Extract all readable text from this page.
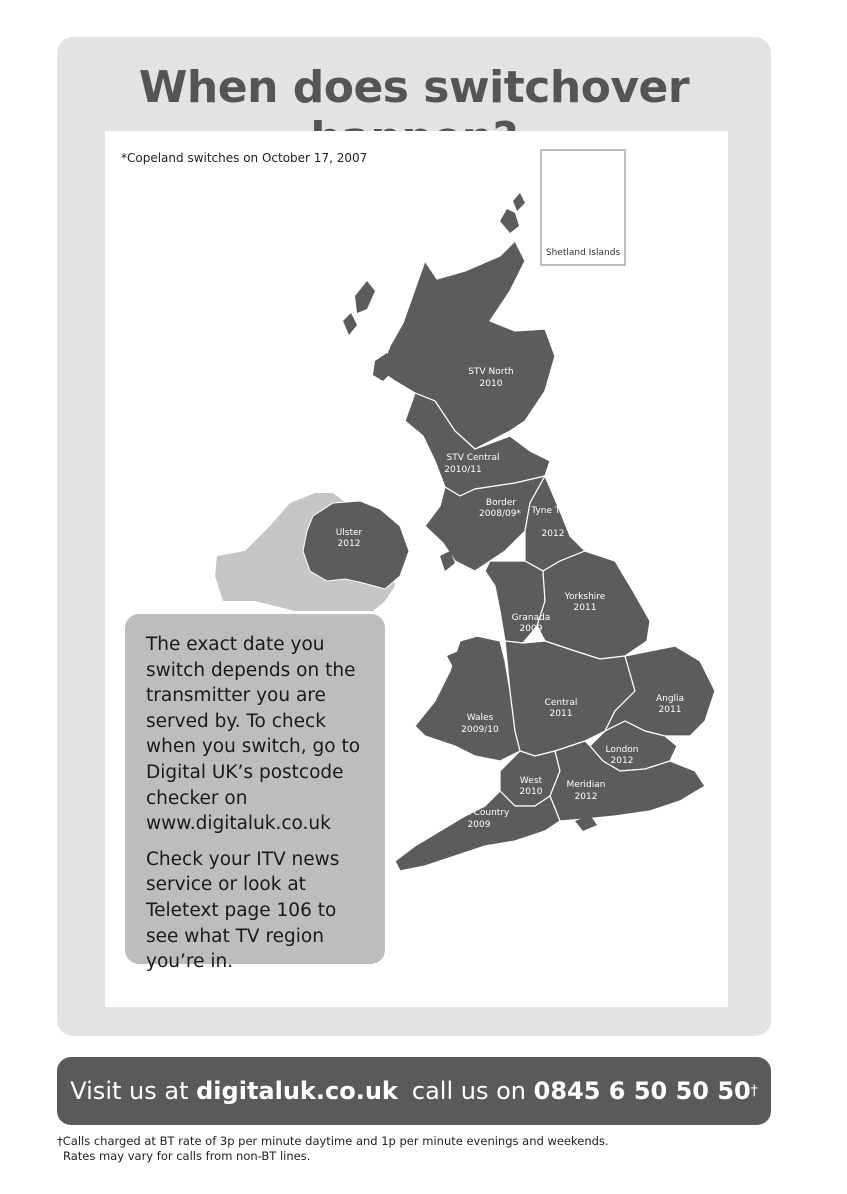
When does switchover
*Copeland switches on October 17, 2007
STV North
2010
STV Central
2010/11
Border
2008/09* Tyne Tees
2012
Ulster
2012
Yorkshire
2011
Granada
2009
Anglia
2011
Central
2011
Wales
2009/10
London
2012
West
2010
Meridian
2012
West Country
2009
Shetland Islands

The exact date you switch depends on the transmitter you are served by. To check when you switch, go to Digital UK’s postcode checker on www.digitaluk.co.uk

Check your ITV news service or look at Teletext page 106 to see what TV region you’re in.

Visit us at
digitaluk.co.uk call us on
0845 6 50 50 50 †
†Calls charged at BT rate of 3p per minute daytime and 1p per minute evenings and weekends.
Rates may vary for calls from non-BT lines.
